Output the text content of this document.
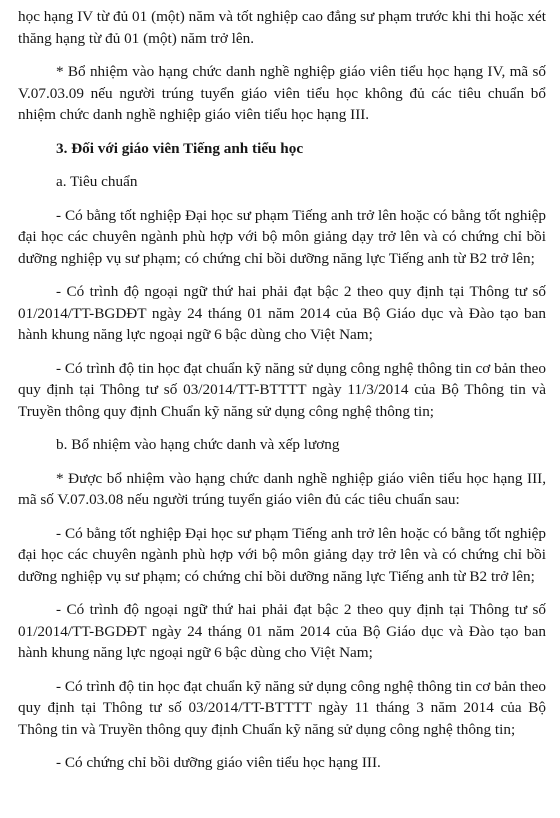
học hạng IV từ đủ 01 (một) năm và tốt nghiệp cao đẳng sư phạm trước khi thi hoặc xét thăng hạng từ đủ 01 (một) năm trở lên.

* Bổ nhiệm vào hạng chức danh nghề nghiệp giáo viên tiểu học hạng IV, mã số V.07.03.09 nếu người trúng tuyển giáo viên tiểu học không đủ các tiêu chuẩn bổ nhiệm chức danh nghề nghiệp giáo viên tiểu học hạng III.

3. Đối với giáo viên Tiếng anh tiểu học

a. Tiêu chuẩn

- Có bằng tốt nghiệp Đại học sư phạm Tiếng anh trở lên hoặc có bằng tốt nghiệp đại học các chuyên ngành phù hợp với bộ môn giảng dạy trở lên và có chứng chỉ bồi dưỡng nghiệp vụ sư phạm; có chứng chỉ bồi dưỡng năng lực Tiếng anh từ B2 trở lên;

- Có trình độ ngoại ngữ thứ hai phải đạt bậc 2 theo quy định tại Thông tư số 01/2014/TT-BGDĐT ngày 24 tháng 01 năm 2014 của Bộ Giáo dục và Đào tạo ban hành khung năng lực ngoại ngữ 6 bậc dùng cho Việt Nam;

- Có trình độ tin học đạt chuẩn kỹ năng sử dụng công nghệ thông tin cơ bản theo quy định tại Thông tư số 03/2014/TT-BTTTT ngày 11/3/2014 của Bộ Thông tin và Truyền thông quy định Chuẩn kỹ năng sử dụng công nghệ thông tin;

b. Bổ nhiệm vào hạng chức danh và xếp lương

* Được bổ nhiệm vào hạng chức danh nghề nghiệp giáo viên tiểu học hạng III, mã số V.07.03.08 nếu người trúng tuyển giáo viên đủ các tiêu chuẩn sau:

- Có bằng tốt nghiệp Đại học sư phạm Tiếng anh trở lên hoặc có bằng tốt nghiệp đại học các chuyên ngành phù hợp với bộ môn giảng dạy trở lên và có chứng chỉ bồi dưỡng nghiệp vụ sư phạm; có chứng chỉ bồi dưỡng năng lực Tiếng anh từ B2 trở lên;

- Có trình độ ngoại ngữ thứ hai phải đạt bậc 2 theo quy định tại Thông tư số 01/2014/TT-BGDĐT ngày 24 tháng 01 năm 2014 của Bộ Giáo dục và Đào tạo ban hành khung năng lực ngoại ngữ 6 bậc dùng cho Việt Nam;

- Có trình độ tin học đạt chuẩn kỹ năng sử dụng công nghệ thông tin cơ bản theo quy định tại Thông tư số 03/2014/TT-BTTTT ngày 11 tháng 3 năm 2014 của Bộ Thông tin và Truyền thông quy định Chuẩn kỹ năng sử dụng công nghệ thông tin;

- Có chứng chỉ bồi dưỡng giáo viên tiểu học hạng III.
